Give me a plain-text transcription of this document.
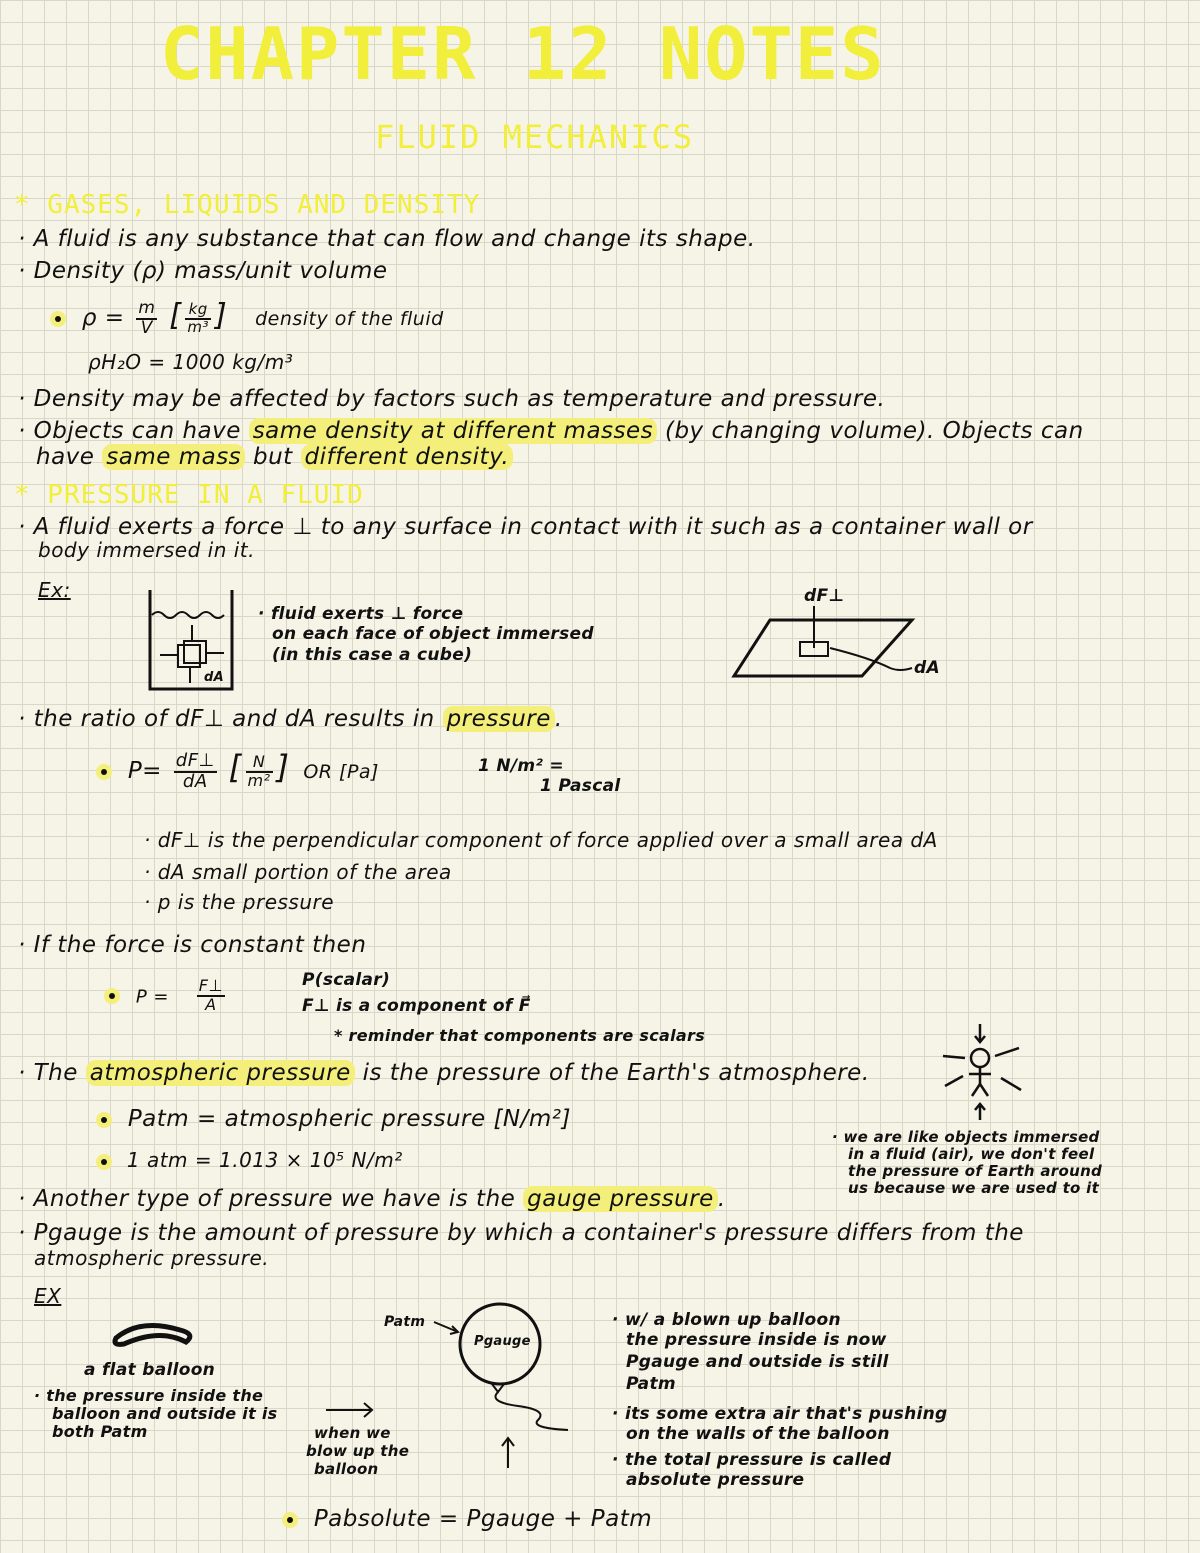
CHAPTER 12 NOTES
FLUID MECHANICS
* GASES, LIQUIDS AND DENSITY
· A fluid is any substance that can flow and change its shape.
· Density (ρ) mass/unit volume
$\rho = \frac{m}{V}$ [ $\frac{kg}{\text{m³}}$ ] density of the fluid
ρH₂O = 1000 kg/m³
· Density may be affected by factors such as temperature and pressure.
· Objects can have same density at different masses (by changing volume). Objects can
have same mass but different density.
* PRESSURE IN A FLUID
· A fluid exerts a force ⊥ to any surface in contact with it such as a container wall or
body immersed in it.
Ex:
dA
· fluid exerts ⊥ force
on each face of object immersed
(in this case a cube)
dF⊥
dA
· the ratio of dF⊥ and dA results in pressure .
$P= \frac{dF\perp}{dA}$ [ $\frac{N}{\text{m²}}$ ] OR [Pa]	1 N/m² =
1 Pascal
· dF⊥ is the perpendicular component of force applied over a small area dA
· dA small portion of the area
· p is the pressure
· If the force is constant then
$P = \frac{F\perp}{A}$	P(scalar)
F⊥ is a component of F⃗
* reminder that components are scalars
· The atmospheric pressure is the pressure of the Earth's atmosphere.
Patm = atmospheric pressure [N/m²]
1 atm = 1.013 × 10⁵ N/m²
· we are like objects immersed
in a fluid (air), we don't feel
the pressure of Earth around
us because we are used to it
· Another type of pressure we have is the gauge pressure .
· Pgauge is the amount of pressure by which a container's pressure differs from the
atmospheric pressure.
EX
a flat balloon
· the pressure inside the
balloon and outside it is
both Patm	when we
blow up the
balloon
Patm
Pgauge
· w/ a blown up balloon
the pressure inside is now
Pgauge and outside is still
Patm
· its some extra air that's pushing
on the walls of the balloon
· the total pressure is called
absolute pressure
Pabsolute = Pgauge + Patm
